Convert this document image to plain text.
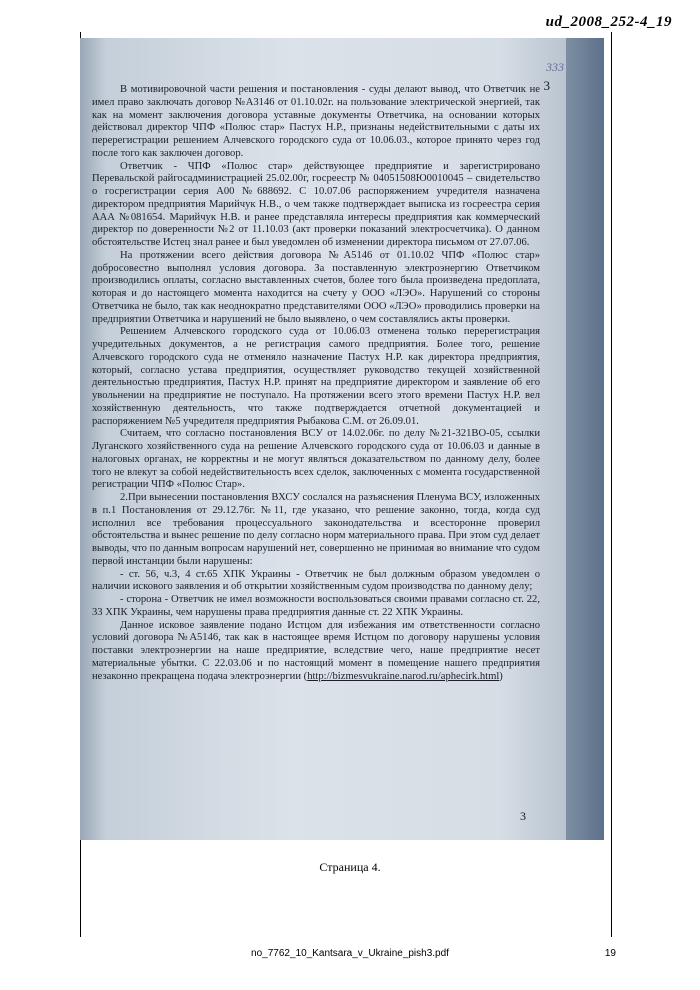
ud_2008_252-4_19
333
3

В мотивировочной части решения и постановления - суды делают вывод, что Ответчик не имел право заключать договор №А3146 от 01.10.02г. на пользование электрической энергией, так как на момент заключения договора уставные документы Ответчика, на основании которых действовал директор ЧПФ «Полюс стар» Пастух Н.Р., признаны недействительными с даты их перерегистрации решением Алчевского городского суда от 10.06.03., которое принято через год после того как заключен договор.

Ответчик - ЧПФ «Полюс стар» действующее предприятие и зарегистрировано Перевальской райгосадминистрацией 25.02.00г, госреестр № 04051508Ю0010045 – свидетельство о госрегистрации серия А00 №688692. С 10.07.06 распоряжением учредителя назначена директором предприятия Марийчук Н.В., о чем также подтверждает выписка из госреестра серия ААА №081654. Марийчук Н.В. и ранее представляла интересы предприятия как коммерческий директор по доверенности №2 от 11.10.03 (акт проверки показаний электросчетчика). О данном обстоятельстве Истец знал ранее и был уведомлен об изменении директора письмом от 27.07.06.

На протяжении всего действия договора №А5146 от 01.10.02 ЧПФ «Полюс стар» добросовестно выполнял условия договора. За поставленную электроэнергию Ответчиком производились оплаты, согласно выставленных счетов, более того была произведена предоплата, которая и до настоящего момента находится на счету у ООО «ЛЭО». Нарушений со стороны Ответчика не было, так как неоднократно представителями ООО «ЛЭО» проводились проверки на предприятии Ответчика и нарушений не было выявлено, о чем составлялись акты проверки.

Решением Алчевского городского суда от 10.06.03 отменена только перерегистрация учредительных документов, а не регистрация самого предприятия. Более того, решение Алчевского городского суда не отменяло назначение Пастух Н.Р. как директора предприятия, который, согласно устава предприятия, осуществляет руководство текущей хозяйственной деятельностью предприятия, Пастух Н.Р. принят на предприятие директором и заявление об его увольнении на предприятие не поступало. На протяжении всего этого времени Пастух Н.Р. вел хозяйственную деятельность, что также подтверждается отчетной документацией и распоряжением №5 учредителя предприятия Рыбакова С.М. от 26.09.01.

Считаем, что согласно постановления ВСУ от 14.02.06г. по делу №21-321ВО-05, ссылки Луганского хозяйственного суда на решение Алчевского городского суда от 10.06.03 и данные в налоговых органах, не корректны и не могут являться доказательством по данному делу, более того не влекут за собой недействительность всех сделок, заключенных с момента государственной регистрации ЧПФ «Полюс Стар».

2.При вынесении постановления ВХСУ сослался на разъяснения Пленума ВСУ, изложенных в п.1 Постановления от 29.12.76г. №11, где указано, что решение законно, тогда, когда суд исполнил все требования процессуального законодательства и всесторонне проверил обстоятельства и вынес решение по делу согласно норм материального права. При этом суд делает выводы, что по данным вопросам нарушений нет, совершенно не принимая во внимание что судом первой инстанции были нарушены:

- ст. 56, ч.3, 4 ст.65 ХПК Украины - Ответчик не был должным образом уведомлен о наличии искового заявления и об открытии хозяйственным судом производства по данному делу;

- сторона - Ответчик не имел возможности воспользоваться своими правами согласно ст. 22, 33 ХПК Украины, чем нарушены права предприятия данные ст. 22 ХПК Украины.

Данное исковое заявление подано Истцом для избежания им ответственности согласно условий договора №А5146, так как в настоящее время Истцом по договору нарушены условия поставки электроэнергии на наше предприятие, вследствие чего, наше предприятие несет материальные убытки. С 22.03.06 и по настоящий момент в помещение нашего предприятия незаконно прекращена подача электроэнергии (http://bizmesvukraine.narod.ru/aphecirk.html)

3
Страница 4.
no_7762_10_Kantsara_v_Ukraine_pish3.pdf	19
